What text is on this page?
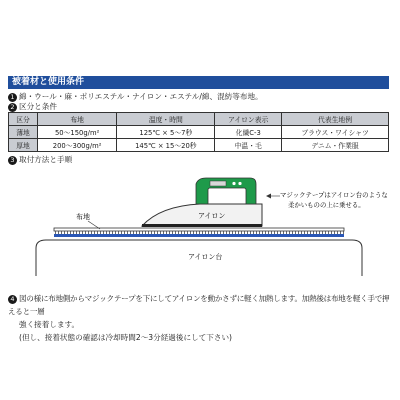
被着材と使用条件
1 綿・ウール・麻・ポリエステル・ナイロン・エステル/綿、混紡等布地。
2 区分と条件
区分	布地	温度・時間	アイロン表示	代表生地例
薄地	50～150g/m²	125℃ × 5～7秒	化繊C-3	ブラウス・ワイシャツ
厚地	200～300g/m²	145℃ × 15～20秒	中温・毛	デニム・作業服
3 取付方法と手順
アイロン
布地
アイロン台
マジックテープはアイロン台のような
柔かいものの上に乗せる。
4 図の様に布地側からマジックテープを下にしてアイロンを動かさずに軽く加熱します。加熱後は布地を軽く手で押えると一層
強く接着します。
(但し、接着状態の確認は冷却時間2～3分経過後にして下さい)
